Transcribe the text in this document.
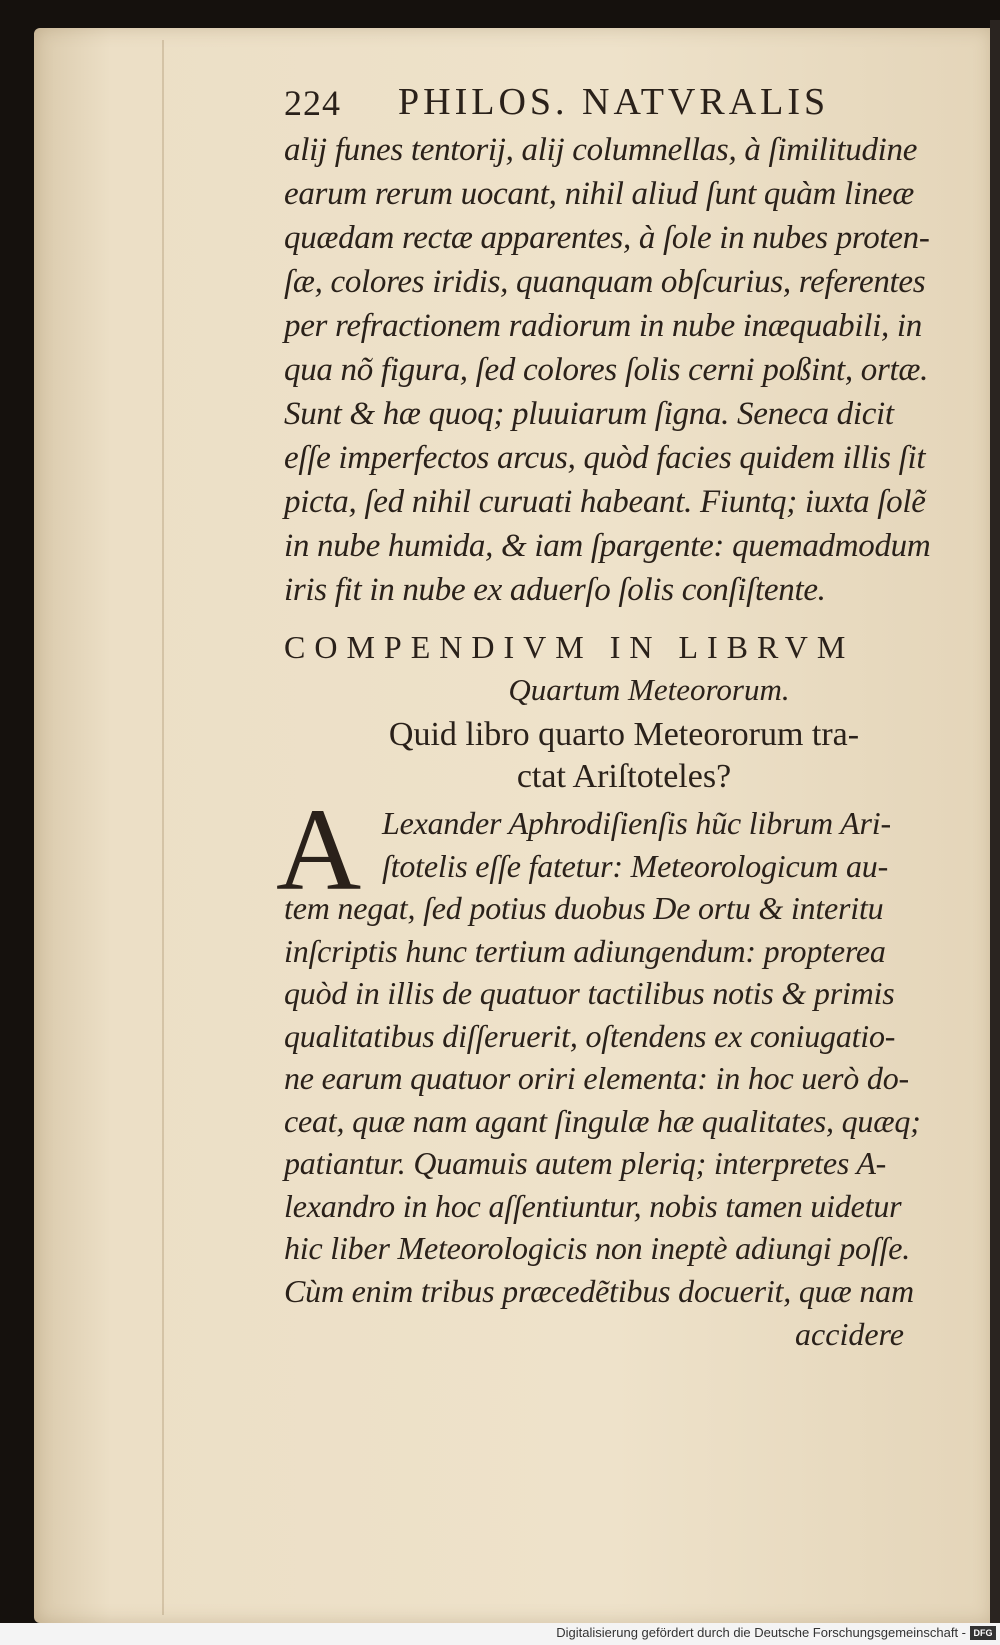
224 PHILOS. NATVRALIS
alij funes tentorij, alij columnellas, à ſimilitudine
earum rerum uocant, nihil aliud ſunt quàm lineæ
quædam rectæ apparentes, à ſole in nubes proten-
ſæ, colores iridis, quanquam obſcurius, referentes
per refractionem radiorum in nube inæquabili, in
qua nõ figura, ſed colores ſolis cerni poßint, ortæ.
Sunt & hæ quoq; pluuiarum ſigna. Seneca dicit
eſſe imperfectos arcus, quòd facies quidem illis ſit
picta, ſed nihil curuati habeant. Fiuntq; iuxta ſolẽ
in nube humida, & iam ſpargente: quemadmodum
iris fit in nube ex aduerſo ſolis conſiſtente.
COMPENDIVM IN LIBRVM
Quartum Meteororum.
Quid libro quarto Meteororum tra-
ctat Ariſtoteles?
A Lexander Aphrodiſienſis hũc librum Ari-
ſtotelis eſſe fatetur: Meteorologicum au-
tem negat, ſed potius duobus De ortu & interitu
inſcriptis hunc tertium adiungendum: propterea
quòd in illis de quatuor tactilibus notis & primis
qualitatibus diſſeruerit, oſtendens ex coniugatio-
ne earum quatuor oriri elementa: in hoc uerò do-
ceat, quæ nam agant ſingulæ hæ qualitates, quæq;
patiantur. Quamuis autem pleriq; interpretes A-
lexandro in hoc aſſentiuntur, nobis tamen uidetur
hic liber Meteorologicis non ineptè adiungi poſſe.
Cùm enim tribus præcedẽtibus docuerit, quæ nam
accidere
Digitalisierung gefördert durch die Deutsche Forschungsgemeinschaft - DFG
